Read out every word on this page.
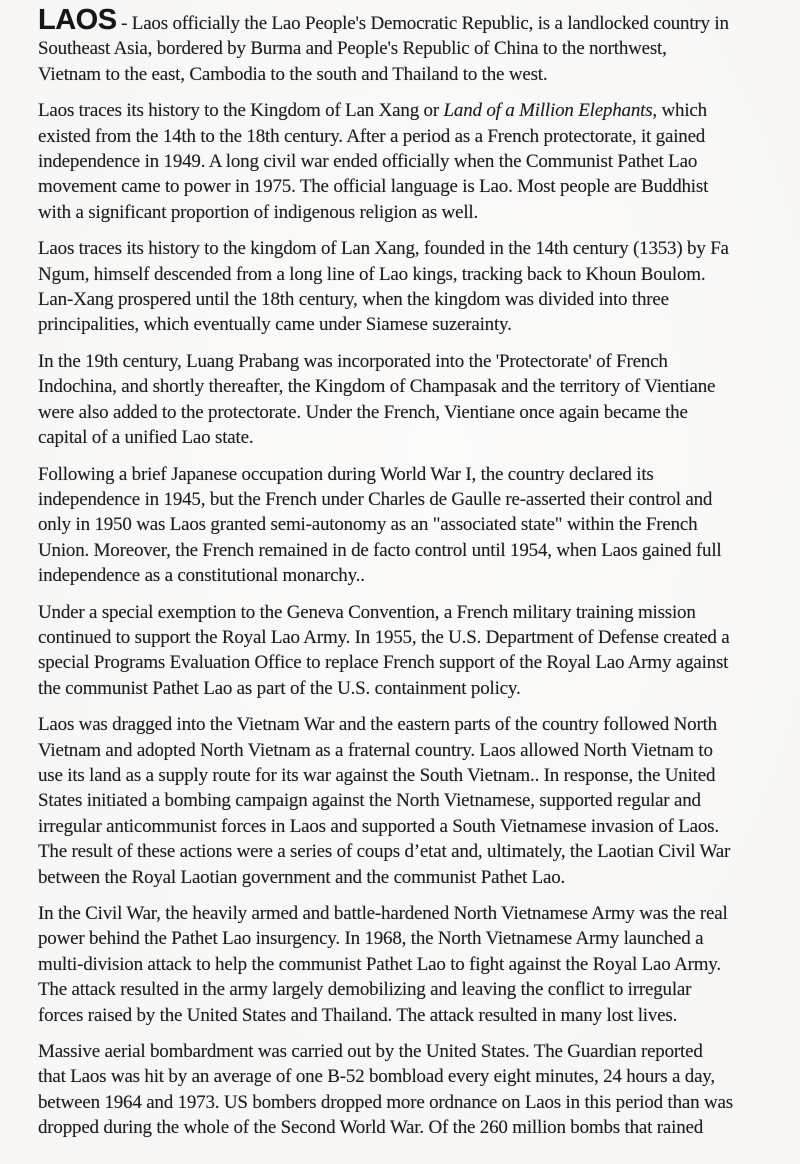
LAOS - Laos officially the Lao People's Democratic Republic, is a landlocked country in
Southeast Asia, bordered by Burma and People's Republic of China to the northwest,
Vietnam to the east, Cambodia to the south and Thailand to the west.

Laos traces its history to the Kingdom of Lan Xang or Land of a Million Elephants, which
existed from the 14th to the 18th century. After a period as a French protectorate, it gained
independence in 1949. A long civil war ended officially when the Communist Pathet Lao
movement came to power in 1975. The official language is Lao. Most people are Buddhist
with a significant proportion of indigenous religion as well.

Laos traces its history to the kingdom of Lan Xang, founded in the 14th century (1353) by Fa
Ngum, himself descended from a long line of Lao kings, tracking back to Khoun Boulom.
Lan-Xang prospered until the 18th century, when the kingdom was divided into three
principalities, which eventually came under Siamese suzerainty.

In the 19th century, Luang Prabang was incorporated into the 'Protectorate' of French
Indochina, and shortly thereafter, the Kingdom of Champasak and the territory of Vientiane
were also added to the protectorate. Under the French, Vientiane once again became the
capital of a unified Lao state.

Following a brief Japanese occupation during World War I, the country declared its
independence in 1945, but the French under Charles de Gaulle re-asserted their control and
only in 1950 was Laos granted semi-autonomy as an "associated state" within the French
Union. Moreover, the French remained in de facto control until 1954, when Laos gained full
independence as a constitutional monarchy..

Under a special exemption to the Geneva Convention, a French military training mission
continued to support the Royal Lao Army. In 1955, the U.S. Department of Defense created a
special Programs Evaluation Office to replace French support of the Royal Lao Army against
the communist Pathet Lao as part of the U.S. containment policy.

Laos was dragged into the Vietnam War and the eastern parts of the country followed North
Vietnam and adopted North Vietnam as a fraternal country. Laos allowed North Vietnam to
use its land as a supply route for its war against the South Vietnam.. In response, the United
States initiated a bombing campaign against the North Vietnamese, supported regular and
irregular anticommunist forces in Laos and supported a South Vietnamese invasion of Laos.
The result of these actions were a series of coups d’etat and, ultimately, the Laotian Civil War
between the Royal Laotian government and the communist Pathet Lao.

In the Civil War, the heavily armed and battle-hardened North Vietnamese Army was the real
power behind the Pathet Lao insurgency. In 1968, the North Vietnamese Army launched a
multi-division attack to help the communist Pathet Lao to fight against the Royal Lao Army.
The attack resulted in the army largely demobilizing and leaving the conflict to irregular
forces raised by the United States and Thailand. The attack resulted in many lost lives.

Massive aerial bombardment was carried out by the United States. The Guardian reported
that Laos was hit by an average of one B-52 bombload every eight minutes, 24 hours a day,
between 1964 and 1973. US bombers dropped more ordnance on Laos in this period than was
dropped during the whole of the Second World War. Of the 260 million bombs that rained
